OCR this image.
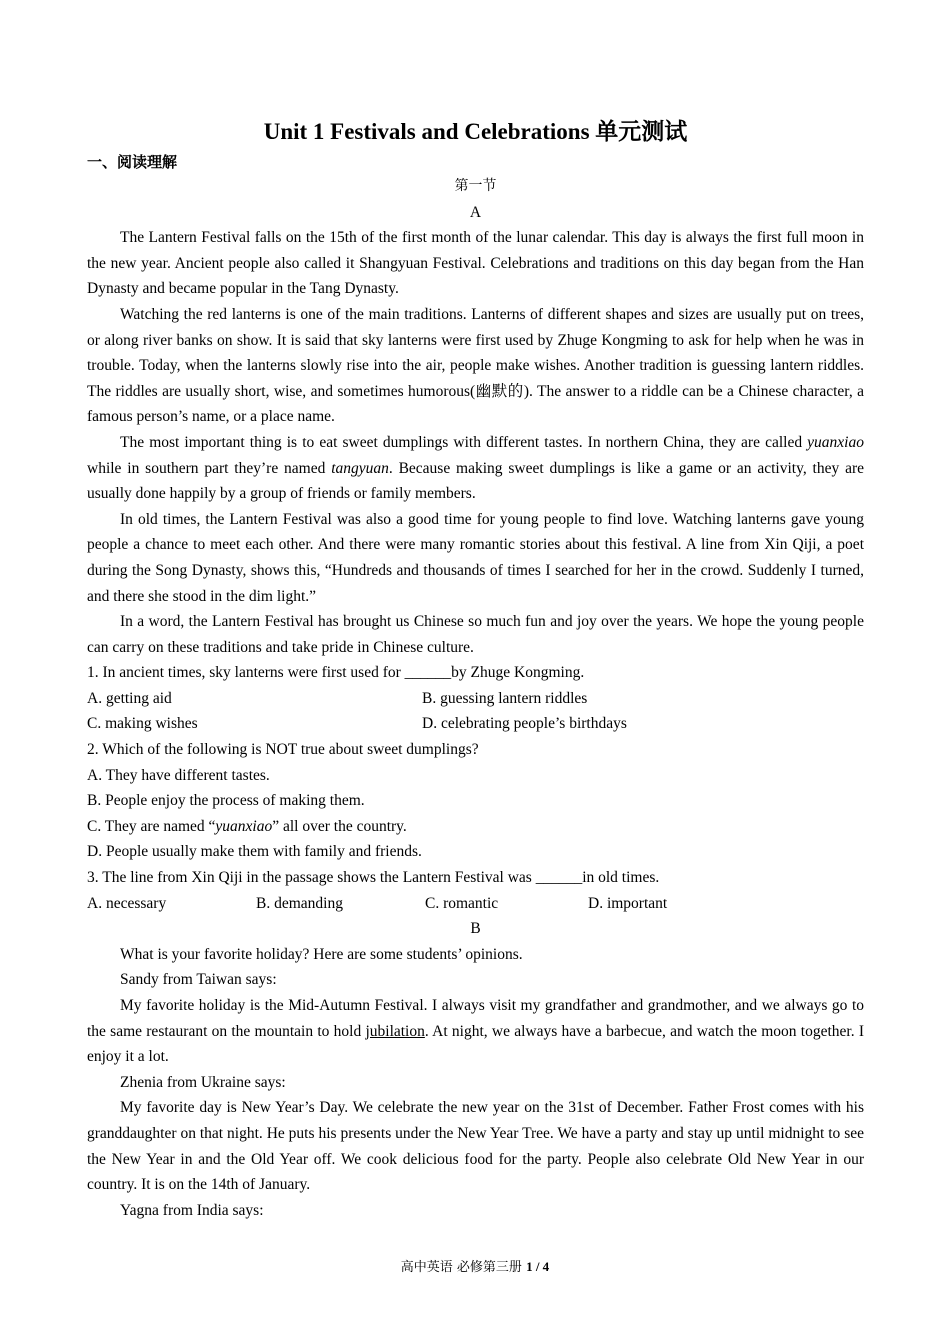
Unit 1 Festivals and Celebrations 单元测试
一、阅读理解
第一节
A

The Lantern Festival falls on the 15th of the first month of the lunar calendar. This day is always the first full moon in the new year. Ancient people also called it Shangyuan Festival. Celebrations and traditions on this day began from the Han Dynasty and became popular in the Tang Dynasty.

Watching the red lanterns is one of the main traditions. Lanterns of different shapes and sizes are usually put on trees, or along river banks on show. It is said that sky lanterns were first used by Zhuge Kongming to ask for help when he was in trouble. Today, when the lanterns slowly rise into the air, people make wishes. Another tradition is guessing lantern riddles. The riddles are usually short, wise, and sometimes humorous(幽默的). The answer to a riddle can be a Chinese character, a famous person’s name, or a place name.

The most important thing is to eat sweet dumplings with different tastes. In northern China, they are called yuanxiao while in southern part they’re named tangyuan. Because making sweet dumplings is like a game or an activity, they are usually done happily by a group of friends or family members.

In old times, the Lantern Festival was also a good time for young people to find love. Watching lanterns gave young people a chance to meet each other. And there were many romantic stories about this festival. A line from Xin Qiji, a poet during the Song Dynasty, shows this, “Hundreds and thousands of times I searched for her in the crowd. Suddenly I turned, and there she stood in the dim light.”

In a word, the Lantern Festival has brought us Chinese so much fun and joy over the years. We hope the young people can carry on these traditions and take pride in Chinese culture.

1. In ancient times, sky lanterns were first used for ______by Zhuge Kongming.
A. getting aid	B. guessing lantern riddles
C. making wishes	D. celebrating people’s birthdays
2. Which of the following is NOT true about sweet dumplings?
A. They have different tastes.
B. People enjoy the process of making them.
C. They are named “yuanxiao” all over the country.
D. People usually make them with family and friends.
3. The line from Xin Qiji in the passage shows the Lantern Festival was ______in old times.
A. necessary	B. demanding	C. romantic	D. important
B

What is your favorite holiday? Here are some students’ opinions.

Sandy from Taiwan says:

My favorite holiday is the Mid-Autumn Festival. I always visit my grandfather and grandmother, and we always go to the same restaurant on the mountain to hold jubilation. At night, we always have a barbecue, and watch the moon together. I enjoy it a lot.

Zhenia from Ukraine says:

My favorite day is New Year’s Day. We celebrate the new year on the 31st of December. Father Frost comes with his granddaughter on that night. He puts his presents under the New Year Tree. We have a party and stay up until midnight to see the New Year in and the Old Year off. We cook delicious food for the party. People also celebrate Old New Year in our country. It is on the 14th of January.

Yagna from India says:

高中英语 必修第三册 1 / 4
